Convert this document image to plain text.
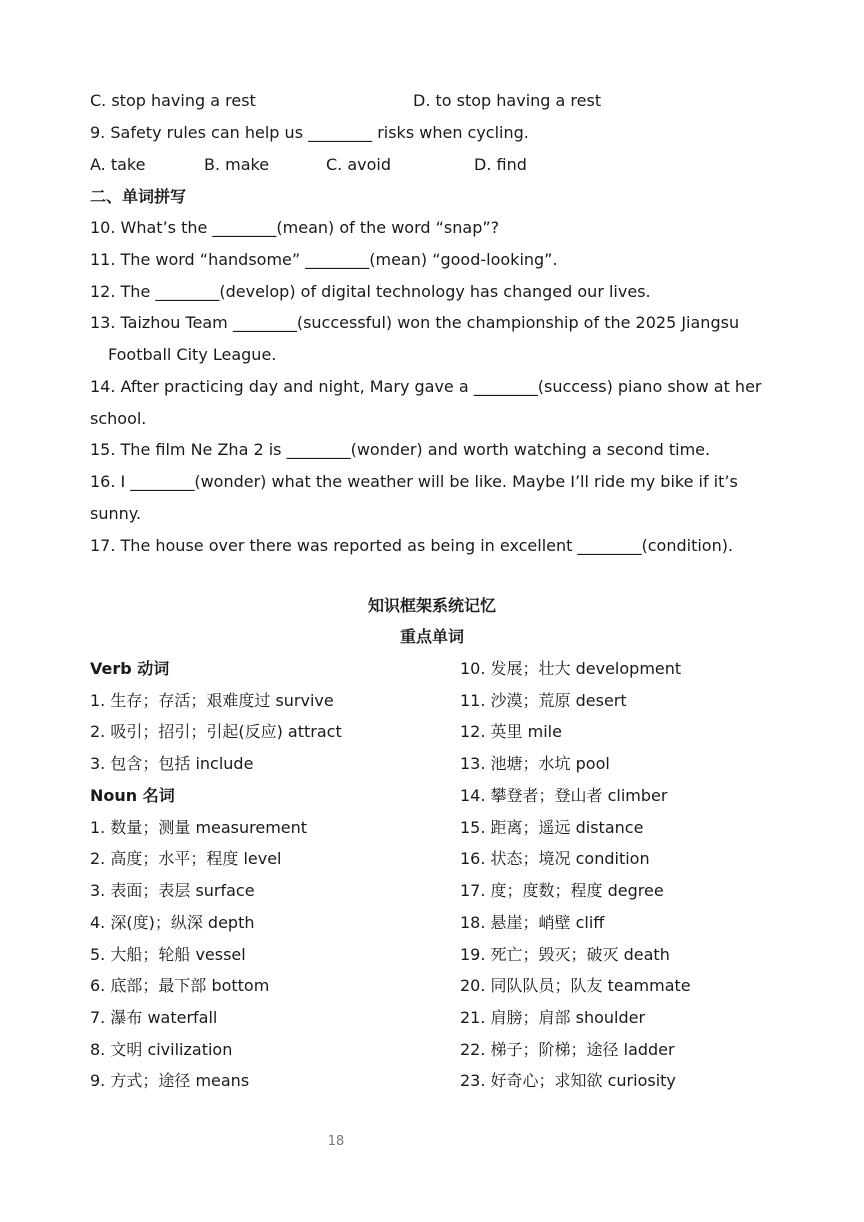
C. stop having a rest	D. to stop having a rest
9. Safety rules can help us ________ risks when cycling.
A. take	B. make	C. avoid	D. find
二、单词拼写
10. What’s the ________(mean) of the word “snap”?
11. The word “handsome” ________(mean) “good-looking”.
12. The ________(develop) of digital technology has changed our lives.
13. Taizhou Team ________(successful) won the championship of the 2025 Jiangsu
Football City League.
14. After practicing day and night, Mary gave a ________(success) piano show at her
school.
15. The film Ne Zha 2 is ________(wonder) and worth watching a second time.
16. I ________(wonder) what the weather will be like. Maybe I’ll ride my bike if it’s
sunny.
17. The house over there was reported as being in excellent ________(condition).
知识框架系统记忆
重点单词
Verb 动词
1. 生存；存活；艰难度过 survive
2. 吸引；招引；引起(反应) attract
3. 包含；包括 include
Noun 名词
1. 数量；测量 measurement
2. 高度；水平；程度 level
3. 表面；表层 surface
4. 深(度)；纵深 depth
5. 大船；轮船 vessel
6. 底部；最下部 bottom
7. 瀑布 waterfall
8. 文明 civilization
9. 方式；途径 means
10. 发展；壮大 development
11. 沙漠；荒原 desert
12. 英里 mile
13. 池塘；水坑 pool
14. 攀登者；登山者 climber
15. 距离；遥远 distance
16. 状态；境况 condition
17. 度；度数；程度 degree
18. 悬崖；峭壁 cliff
19. 死亡；毁灭；破灭 death
20. 同队队员；队友 teammate
21. 肩膀；肩部 shoulder
22. 梯子；阶梯；途径 ladder
23. 好奇心；求知欲 curiosity
18
